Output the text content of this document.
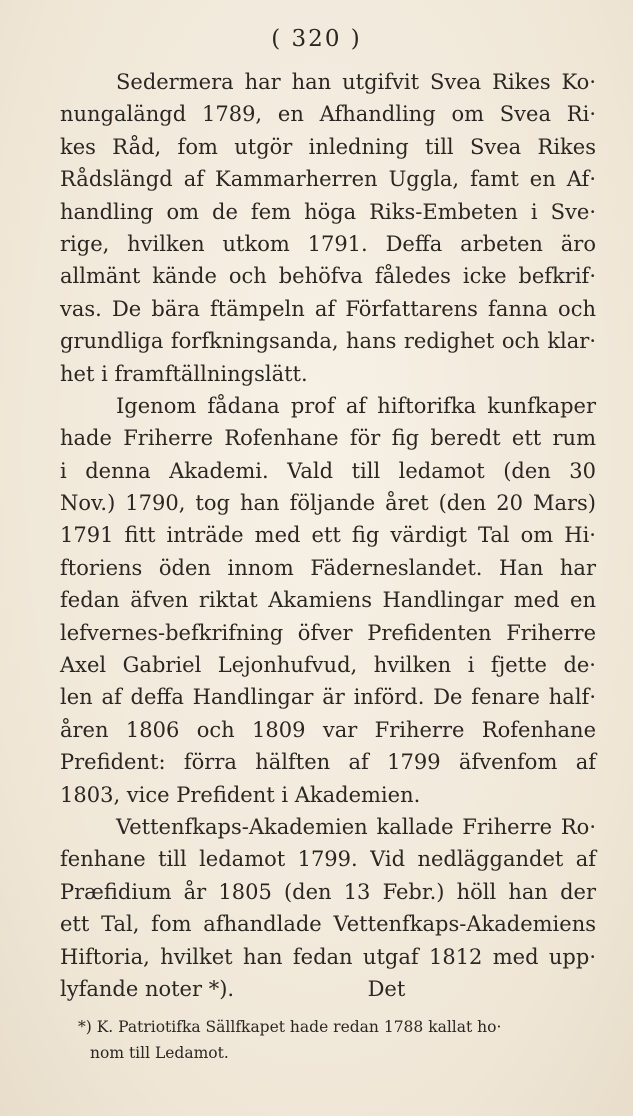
( 320 )
Sedermera har han utgifvit Svea Rikes Ko·
nungalängd 1789, en Afhandling om Svea Ri·
kes Råd, fom utgör inledning till Svea Rikes
Rådslängd af Kammarherren Uggla, famt en Af·
handling om de fem höga Riks-Embeten i Sve·
rige, hvilken utkom 1791. Deffa arbeten äro
allmänt kände och behöfva fåledes icke befkrif·
vas. De bära ftämpeln af Författarens fanna och
grundliga forfkningsanda, hans redighet och klar·
het i framftällningslätt.
Igenom fådana prof af hiftorifka kunfkaper
hade Friherre Rofenhane för fig beredt ett rum
i denna Akademi. Vald till ledamot (den 30
Nov.) 1790, tog han följande året (den 20 Mars)
1791 fitt inträde med ett fig värdigt Tal om Hi·
ftoriens öden innom Fäderneslandet. Han har
fedan äfven riktat Akamiens Handlingar med en
lefvernes-befkrifning öfver Prefidenten Friherre
Axel Gabriel Lejonhufvud, hvilken i fjette de·
len af deffa Handlingar är införd. De fenare half·
åren 1806 och 1809 var Friherre Rofenhane
Prefident: förra hälften af 1799 äfvenfom af
1803, vice Prefident i Akademien.
Vettenfkaps-Akademien kallade Friherre Ro·
fenhane till ledamot 1799. Vid nedläggandet af
Præfidium år 1805 (den 13 Febr.) höll han der
ett Tal, fom afhandlade Vettenfkaps-Akademiens
Hiftoria, hvilket han fedan utgaf 1812 med upp·
lyfande noter *).                    Det
*) K. Patriotifka Sällfkapet hade redan 1788 kallat ho·
nom till Ledamot.
